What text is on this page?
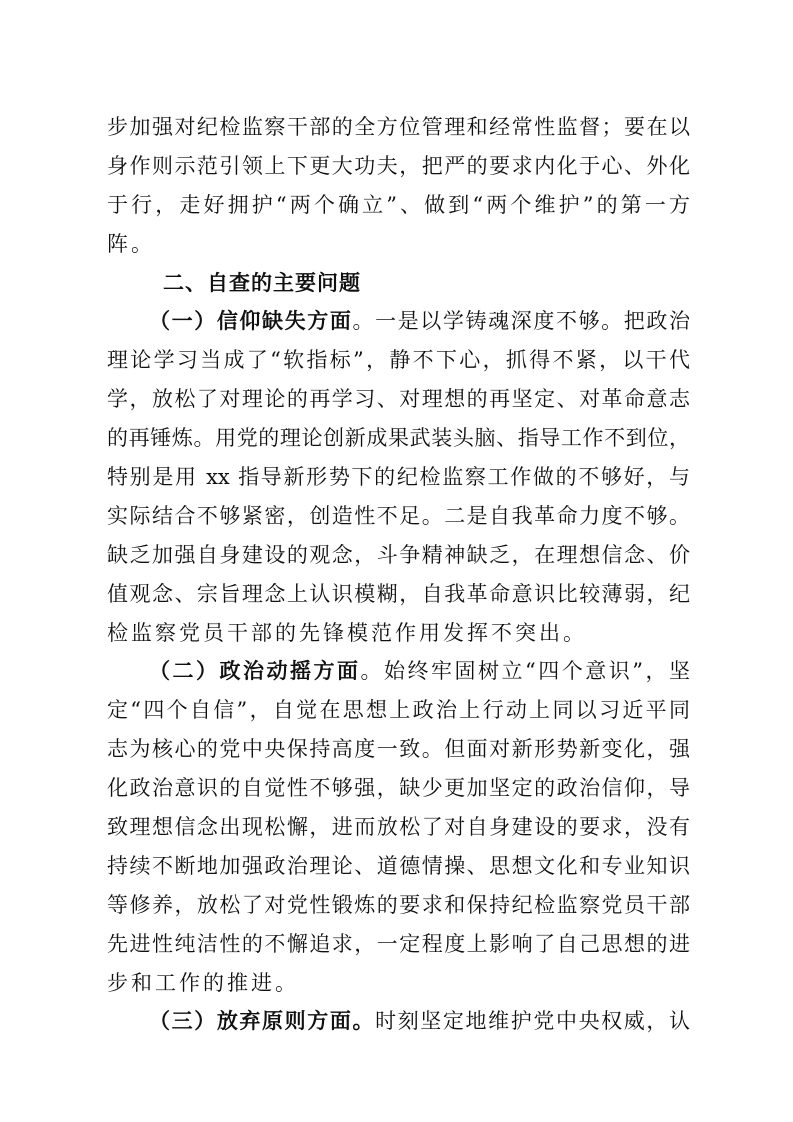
步加强对纪检监察干部的全方位管理和经常性监督；要在以
身作则示范引领上下更大功夫，把严的要求内化于心、外化
于行，走好拥护“两个确立”、做到“两个维护”的第一方
阵。
二、自查的主要问题
（一）信仰缺失方面。一是以学铸魂深度不够。把政治
理论学习当成了“软指标”，静不下心，抓得不紧，以干代
学，放松了对理论的再学习、对理想的再坚定、对革命意志
的再锤炼。用党的理论创新成果武装头脑、指导工作不到位，
特别是用 xx 指导新形势下的纪检监察工作做的不够好，与
实际结合不够紧密，创造性不足。二是自我革命力度不够。
缺乏加强自身建设的观念，斗争精神缺乏，在理想信念、价
值观念、宗旨理念上认识模糊，自我革命意识比较薄弱，纪
检监察党员干部的先锋模范作用发挥不突出。
（二）政治动摇方面。始终牢固树立“四个意识”，坚
定“四个自信”，自觉在思想上政治上行动上同以习近平同
志为核心的党中央保持高度一致。但面对新形势新变化，强
化政治意识的自觉性不够强，缺少更加坚定的政治信仰，导
致理想信念出现松懈，进而放松了对自身建设的要求，没有
持续不断地加强政治理论、道德情操、思想文化和专业知识
等修养，放松了对党性锻炼的要求和保持纪检监察党员干部
先进性纯洁性的不懈追求，一定程度上影响了自己思想的进
步和工作的推进。
（三）放弃原则方面。时刻坚定地维护党中央权威，认
